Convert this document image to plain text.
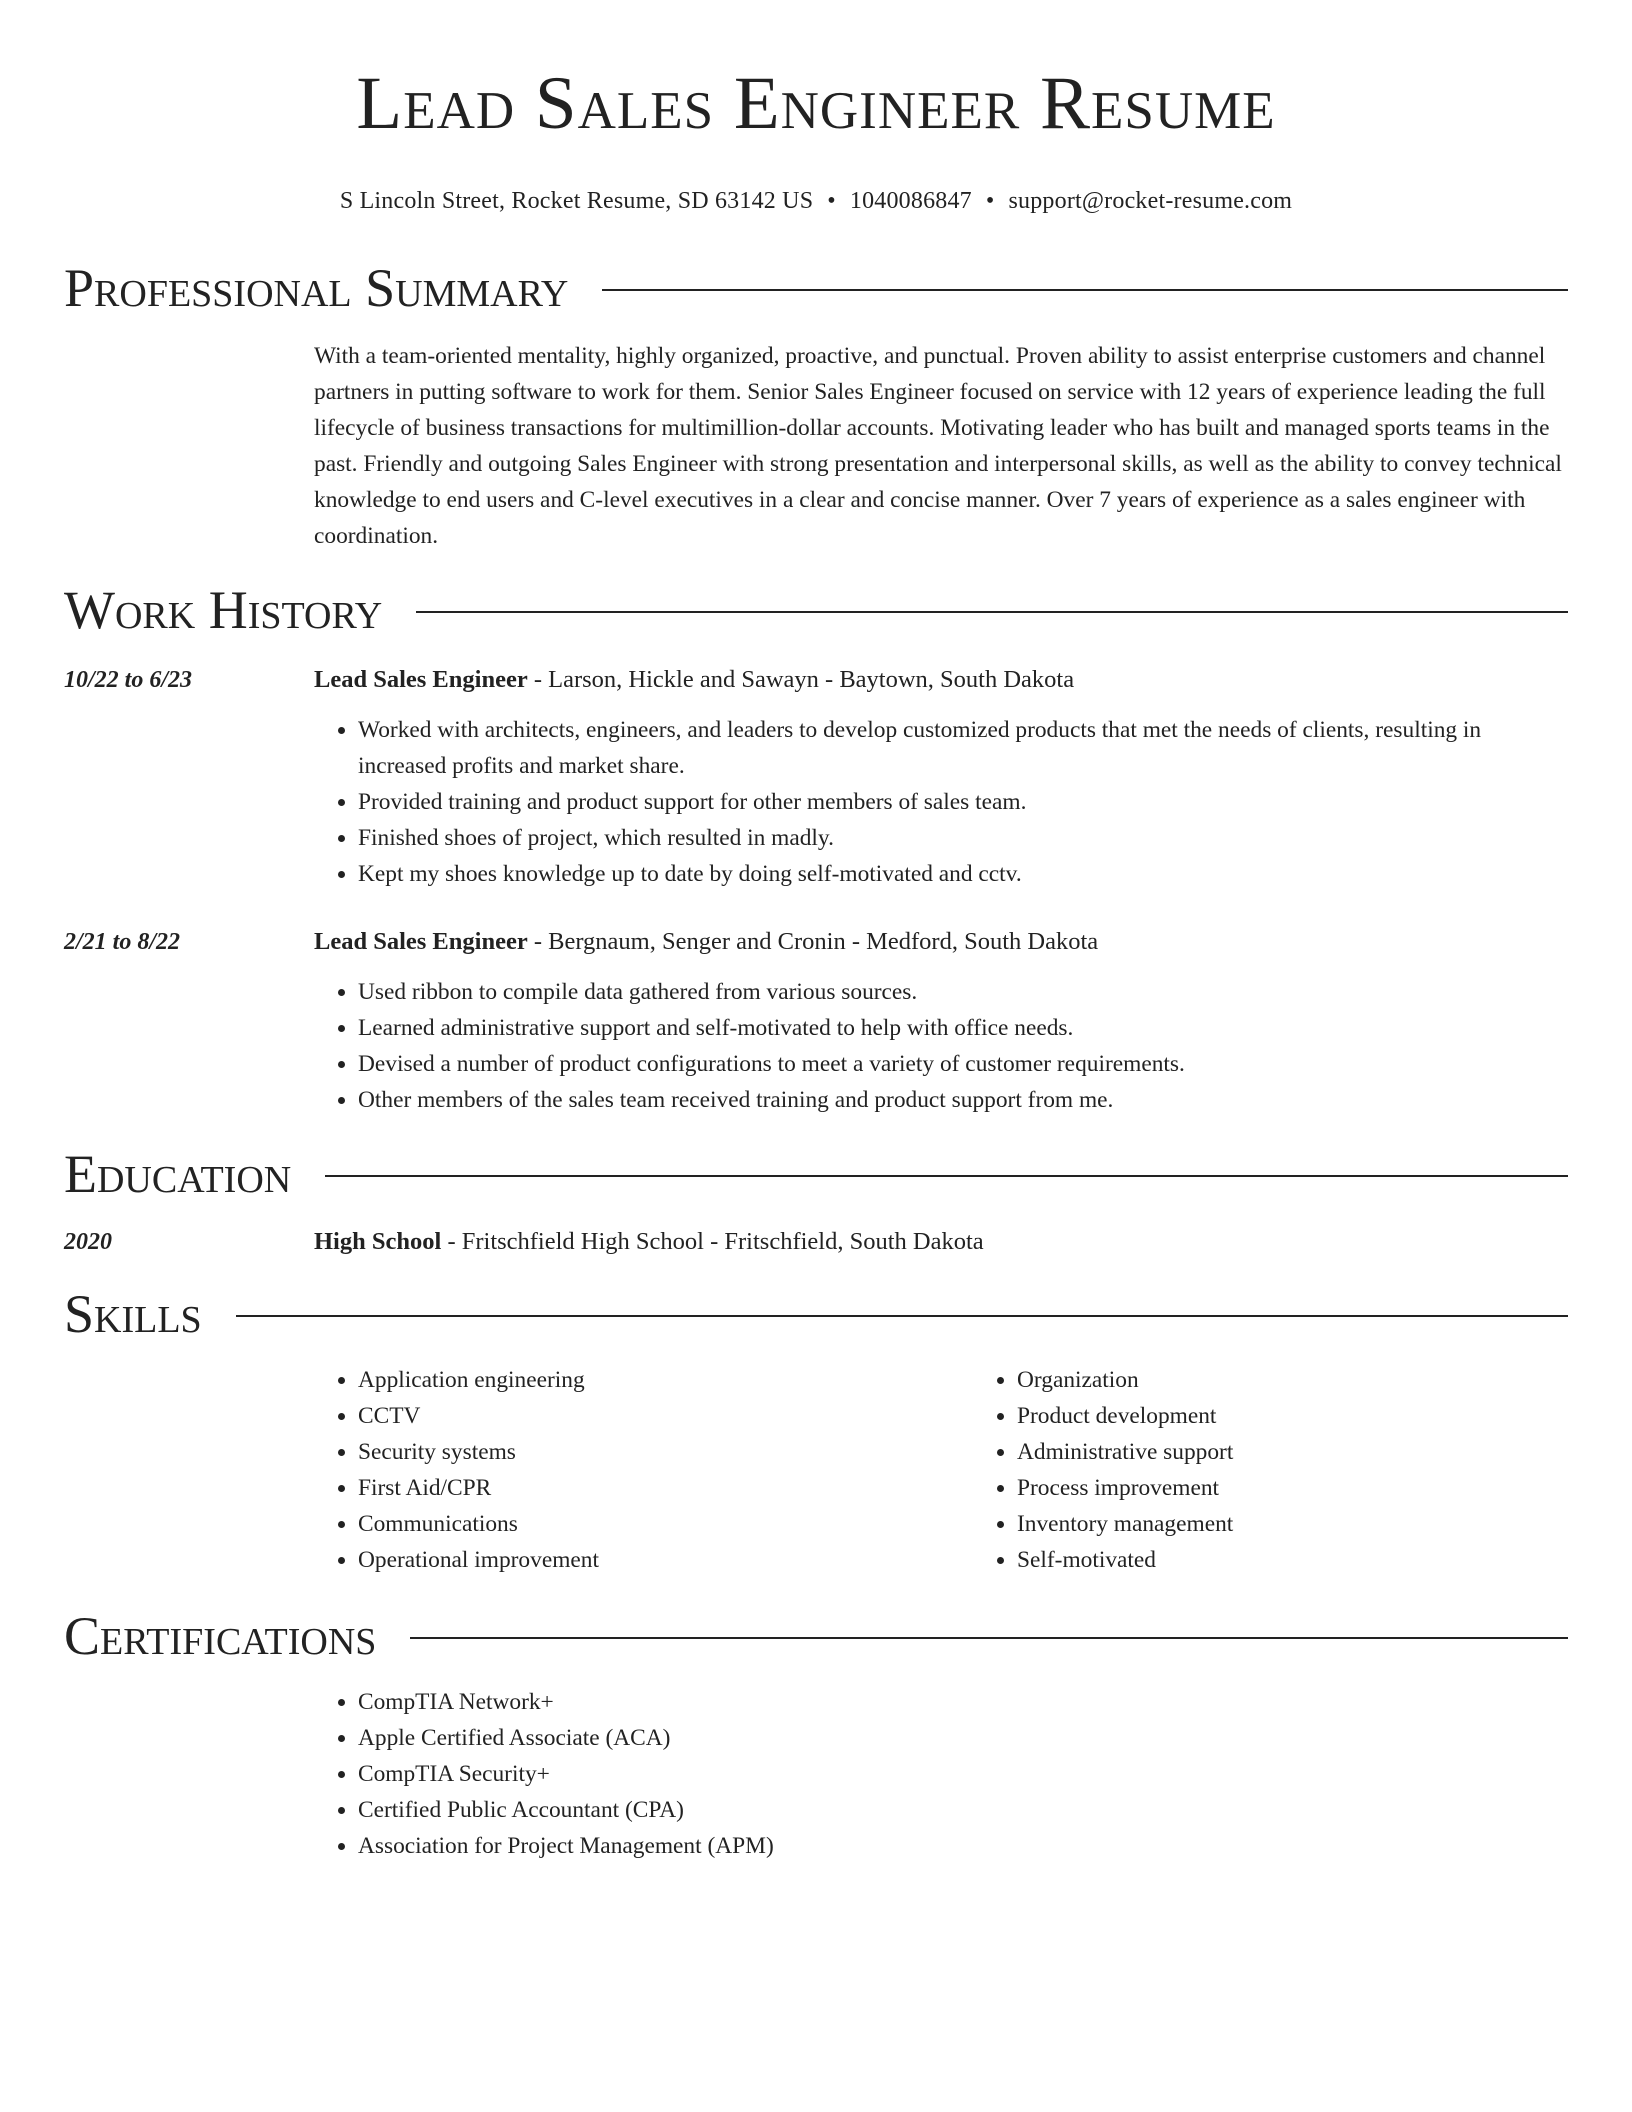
Lead Sales Engineer Resume
S Lincoln Street, Rocket Resume, SD 63142 US • 1040086847 • support@rocket-resume.com
Professional Summary
With a team-oriented mentality, highly organized, proactive, and punctual. Proven ability to assist enterprise customers and channel partners in putting software to work for them. Senior Sales Engineer focused on service with 12 years of experience leading the full lifecycle of business transactions for multimillion-dollar accounts. Motivating leader who has built and managed sports teams in the past. Friendly and outgoing Sales Engineer with strong presentation and interpersonal skills, as well as the ability to convey technical knowledge to end users and C-level executives in a clear and concise manner. Over 7 years of experience as a sales engineer with coordination.
Work History
10/22 to 6/23	Lead Sales Engineer - Larson, Hickle and Sawayn - Baytown, South Dakota
• Worked with architects, engineers, and leaders to develop customized products that met the needs of clients, resulting in increased profits and market share.
• Provided training and product support for other members of sales team.
• Finished shoes of project, which resulted in madly.
• Kept my shoes knowledge up to date by doing self-motivated and cctv.
2/21 to 8/22	Lead Sales Engineer - Bergnaum, Senger and Cronin - Medford, South Dakota
• Used ribbon to compile data gathered from various sources.
• Learned administrative support and self-motivated to help with office needs.
• Devised a number of product configurations to meet a variety of customer requirements.
• Other members of the sales team received training and product support from me.
Education
2020	High School - Fritschfield High School - Fritschfield, South Dakota
Skills
• Application engineering
• CCTV
• Security systems
• First Aid/CPR
• Communications
• Operational improvement
• Organization
• Product development
• Administrative support
• Process improvement
• Inventory management
• Self-motivated
Certifications
• CompTIA Network+
• Apple Certified Associate (ACA)
• CompTIA Security+
• Certified Public Accountant (CPA)
• Association for Project Management (APM)
